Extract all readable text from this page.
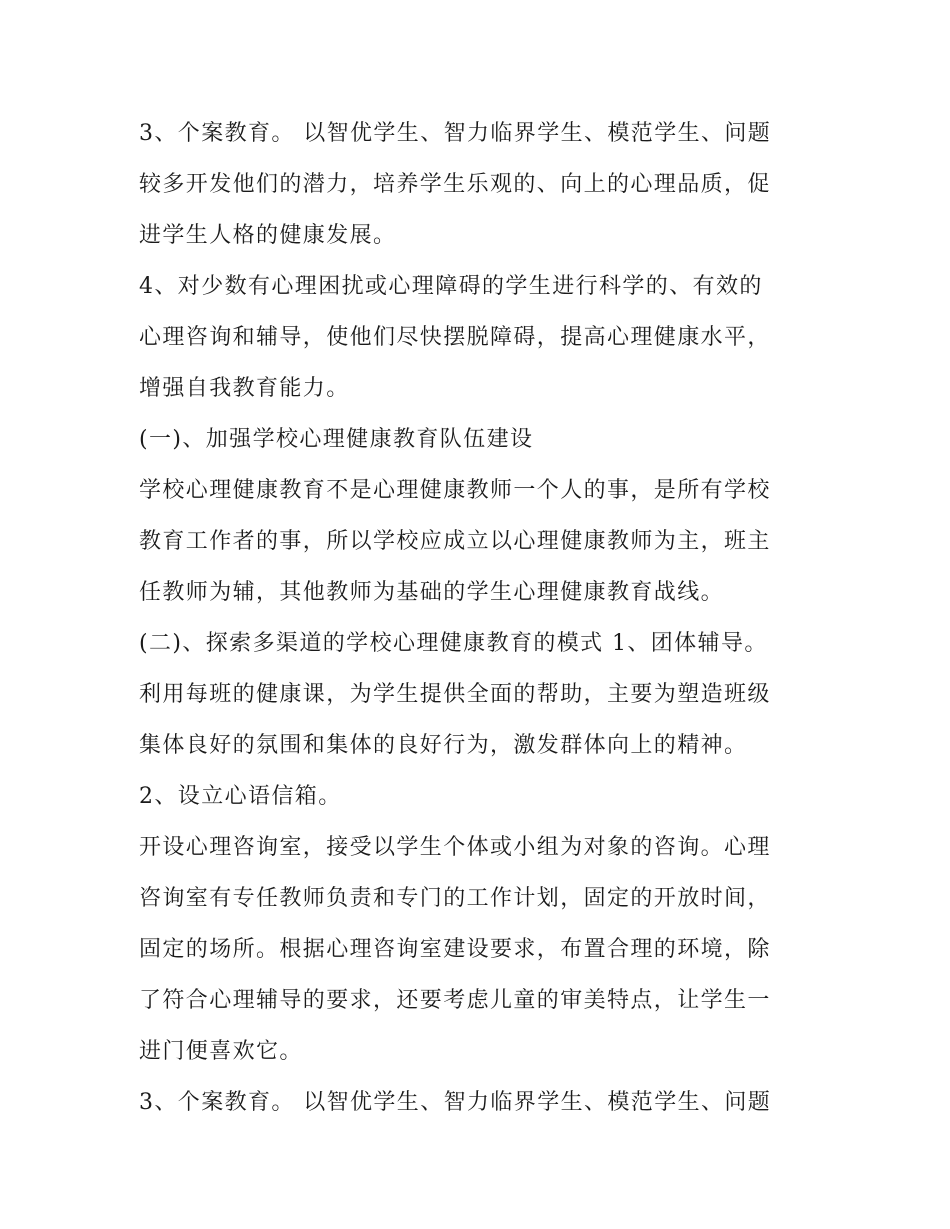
3、个案教育。 以智优学生、智力临界学生、模范学生、问题
较多开发他们的潜力，培养学生乐观的、向上的心理品质，促
进学生人格的健康发展。
4、对少数有心理困扰或心理障碍的学生进行科学的、有效的
心理咨询和辅导，使他们尽快摆脱障碍，提高心理健康水平，
增强自我教育能力。
(一)、加强学校心理健康教育队伍建设
学校心理健康教育不是心理健康教师一个人的事，是所有学校
教育工作者的事，所以学校应成立以心理健康教师为主，班主
任教师为辅，其他教师为基础的学生心理健康教育战线。
(二)、探索多渠道的学校心理健康教育的模式 1、团体辅导。
利用每班的健康课，为学生提供全面的帮助，主要为塑造班级
集体良好的氛围和集体的良好行为，激发群体向上的精神。
2、设立心语信箱。
开设心理咨询室，接受以学生个体或小组为对象的咨询。心理
咨询室有专任教师负责和专门的工作计划，固定的开放时间，
固定的场所。根据心理咨询室建设要求，布置合理的环境，除
了符合心理辅导的要求，还要考虑儿童的审美特点，让学生一
进门便喜欢它。
3、个案教育。 以智优学生、智力临界学生、模范学生、问题
